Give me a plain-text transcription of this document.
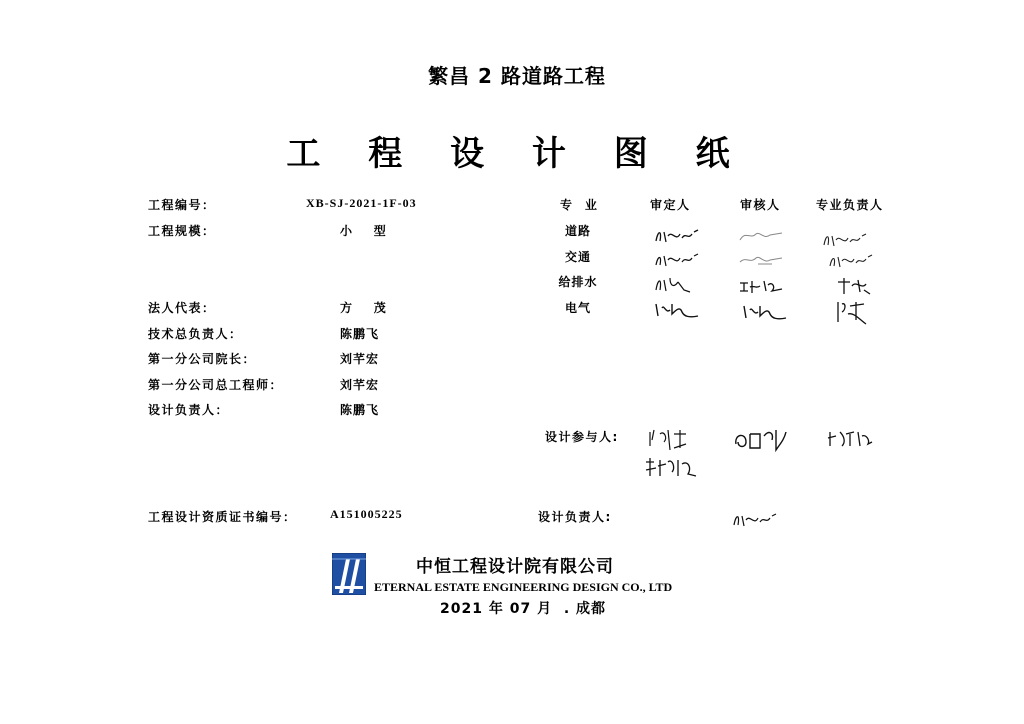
繁昌 2 路道路工程
工 程 设 计 图 纸
工程编号：	XB-SJ-2021-1F-03
工程规模：	小    型
法人代表：	方    茂
技术总负责人：	陈鹏飞
第一分公司院长：	刘芊宏
第一分公司总工程师：	刘芊宏
设计负责人：	陈鹏飞
专  业	审定人	审核人	专业负责人
道路
交通
给排水
电气
设计参与人:
工程设计资质证书编号：	A151005225	设计负责人:
中恒工程设计院有限公司
ETERNAL ESTATE ENGINEERING DESIGN CO., LTD
2021 年 07 月  . 成都
